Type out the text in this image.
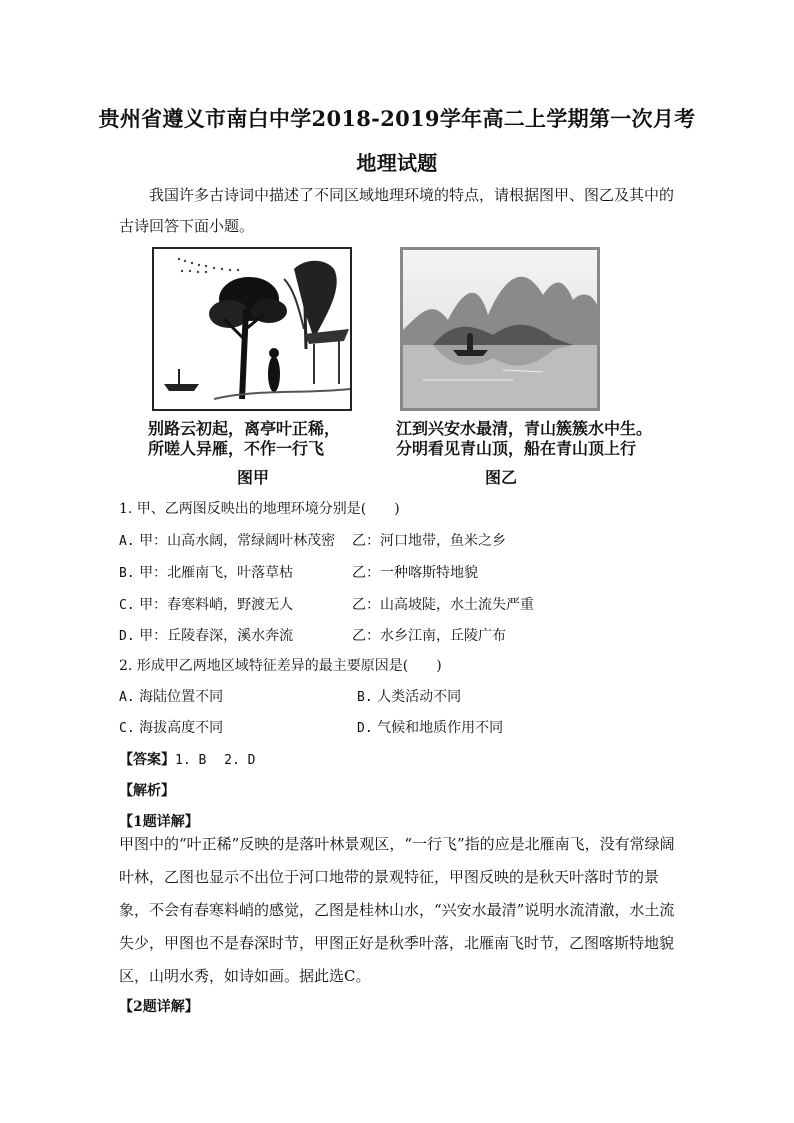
贵州省遵义市南白中学2018-2019学年高二上学期第一次月考
地理试题
我国许多古诗词中描述了不同区域地理环境的特点，请根据图甲、图乙及其中的古诗回答下面小题。
别路云初起，离亭叶正稀，
所嗟人异雁，不作一行飞
图甲
江到兴安水最清，青山簇簇水中生。
分明看见青山顶，船在青山顶上行
图乙
1. 甲、乙两图反映出的地理环境分别是(　　)
A. 甲：山高水阔，常绿阔叶林茂密 乙：河口地带，鱼米之乡
B. 甲：北雁南飞，叶落草枯	乙：一种喀斯特地貌
C. 甲：春寒料峭，野渡无人	乙：山高坡陡，水土流失严重
D. 甲：丘陵春深，溪水奔流	乙：水乡江南，丘陵广布
2. 形成甲乙两地区域特征差异的最主要原因是(　　)
A. 海陆位置不同	B. 人类活动不同
C. 海拔高度不同	D. 气候和地质作用不同
【答案】1. B 2. D
【解析】
【1题详解】
甲图中的“叶正稀”反映的是落叶林景观区，“一行飞”指的应是北雁南飞，没有常绿阔叶林，乙图也显示不出位于河口地带的景观特征，甲图反映的是秋天叶落时节的景象，不会有春寒料峭的感觉，乙图是桂林山水，“兴安水最清”说明水流清澈，水土流失少，甲图也不是春深时节，甲图正好是秋季叶落，北雁南飞时节，乙图喀斯特地貌区，山明水秀，如诗如画。据此选C。
【2题详解】
